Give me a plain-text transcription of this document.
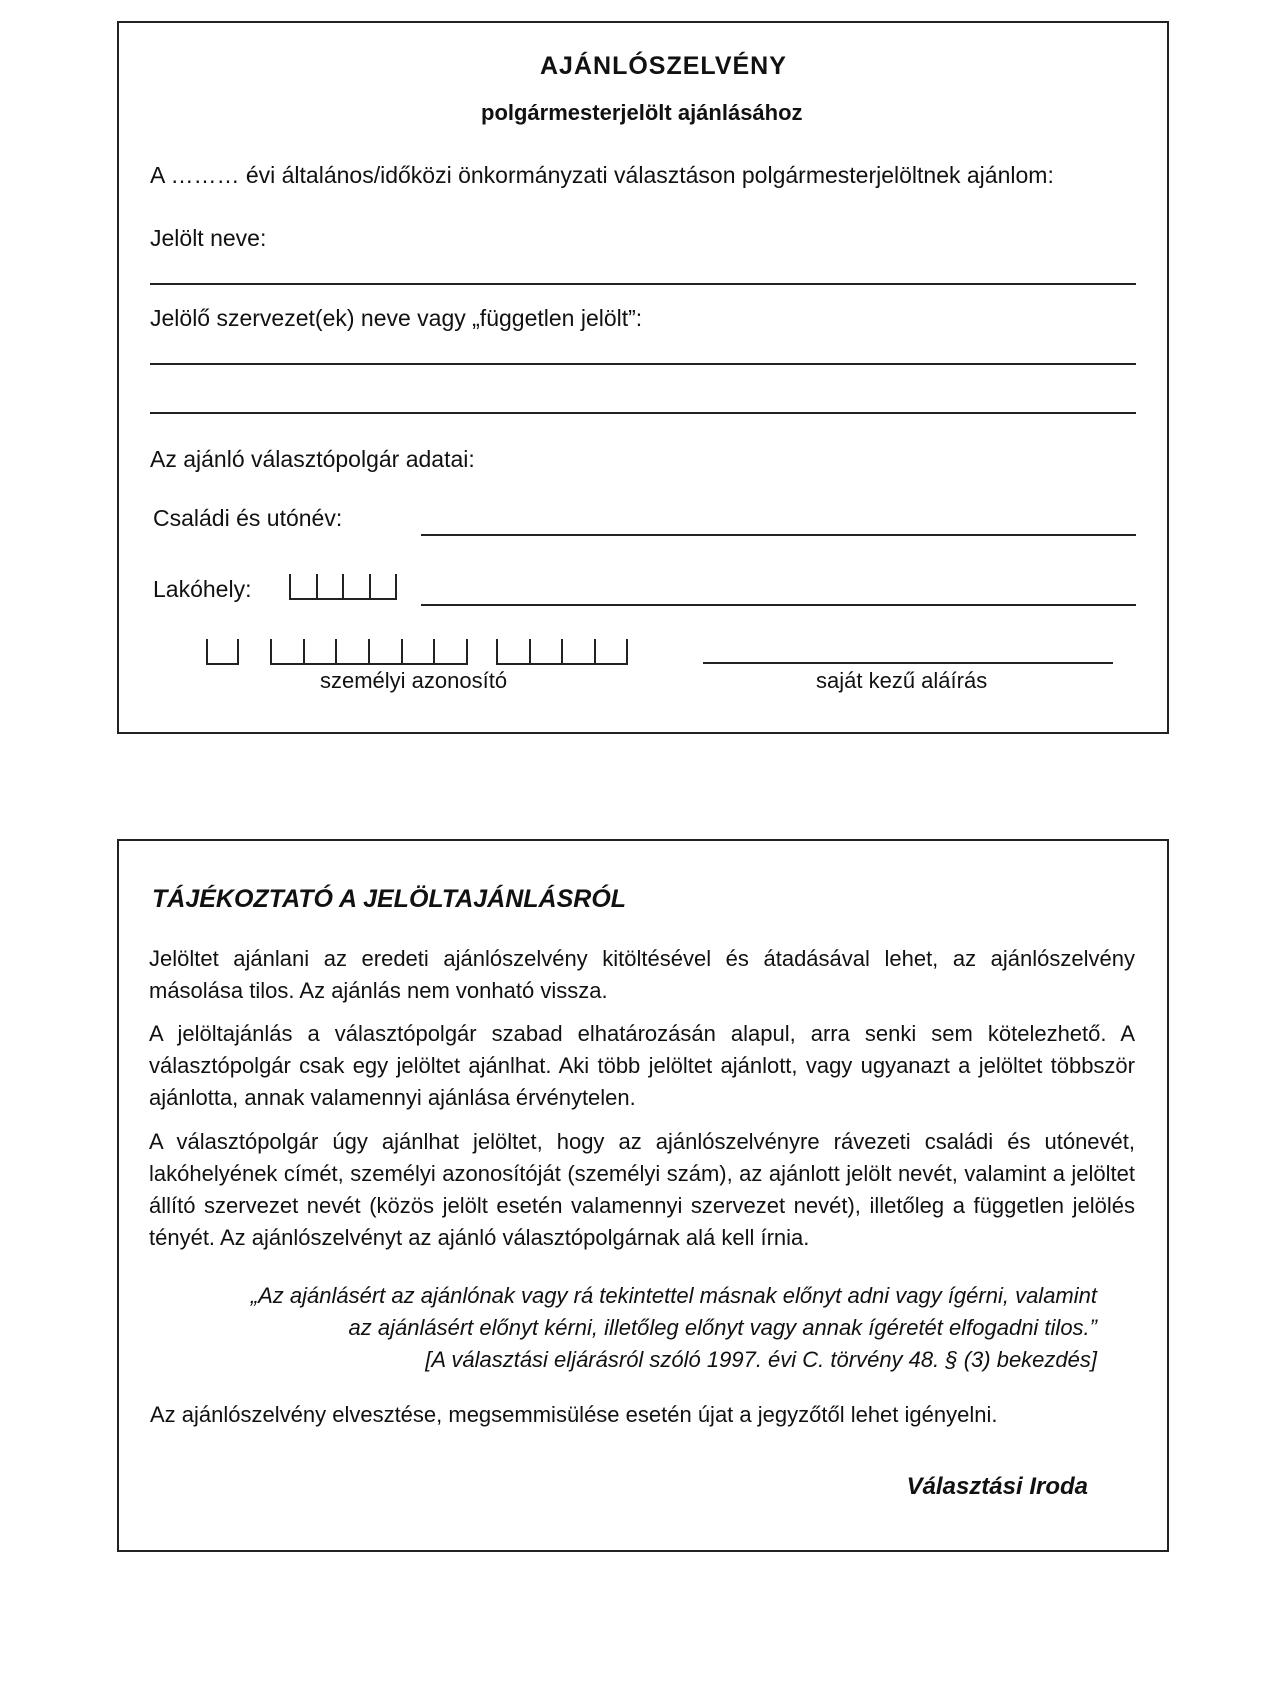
AJÁNLÓSZELVÉNY
polgármesterjelölt ajánlásához
A ……… évi általános/időközi önkormányzati választáson polgármesterjelöltnek ajánlom:
Jelölt neve:
Jelölő szervezet(ek) neve vagy „független jelölt”:
Az ajánló választópolgár adatai:
Családi és utónév:
Lakóhely:
személyi azonosító	saját kezű aláírás
TÁJÉKOZTATÓ A JELÖLTAJÁNLÁSRÓL
Jelöltet ajánlani az eredeti ajánlószelvény kitöltésével és átadásával lehet, az ajánlószelvény másolása tilos. Az ajánlás nem vonható vissza.
A jelöltajánlás a választópolgár szabad elhatározásán alapul, arra senki sem kötelezhető. A választópolgár csak egy jelöltet ajánlhat. Aki több jelöltet ajánlott, vagy ugyanazt a jelöltet többször ajánlotta, annak valamennyi ajánlása érvénytelen.
A választópolgár úgy ajánlhat jelöltet, hogy az ajánlószelvényre rávezeti családi és utónevét, lakóhelyének címét, személyi azonosítóját (személyi szám), az ajánlott jelölt nevét, valamint a jelöltet állító szervezet nevét (közös jelölt esetén valamennyi szervezet nevét), illetőleg a független jelölés tényét. Az ajánlószelvényt az ajánló választópolgárnak alá kell írnia.
„Az ajánlásért az ajánlónak vagy rá tekintettel másnak előnyt adni vagy ígérni, valamint
az ajánlásért előnyt kérni, illetőleg előnyt vagy annak ígéretét elfogadni tilos.”
[A választási eljárásról szóló 1997. évi C. törvény 48. § (3) bekezdés]
Az ajánlószelvény elvesztése, megsemmisülése esetén újat a jegyzőtől lehet igényelni.
Választási Iroda
